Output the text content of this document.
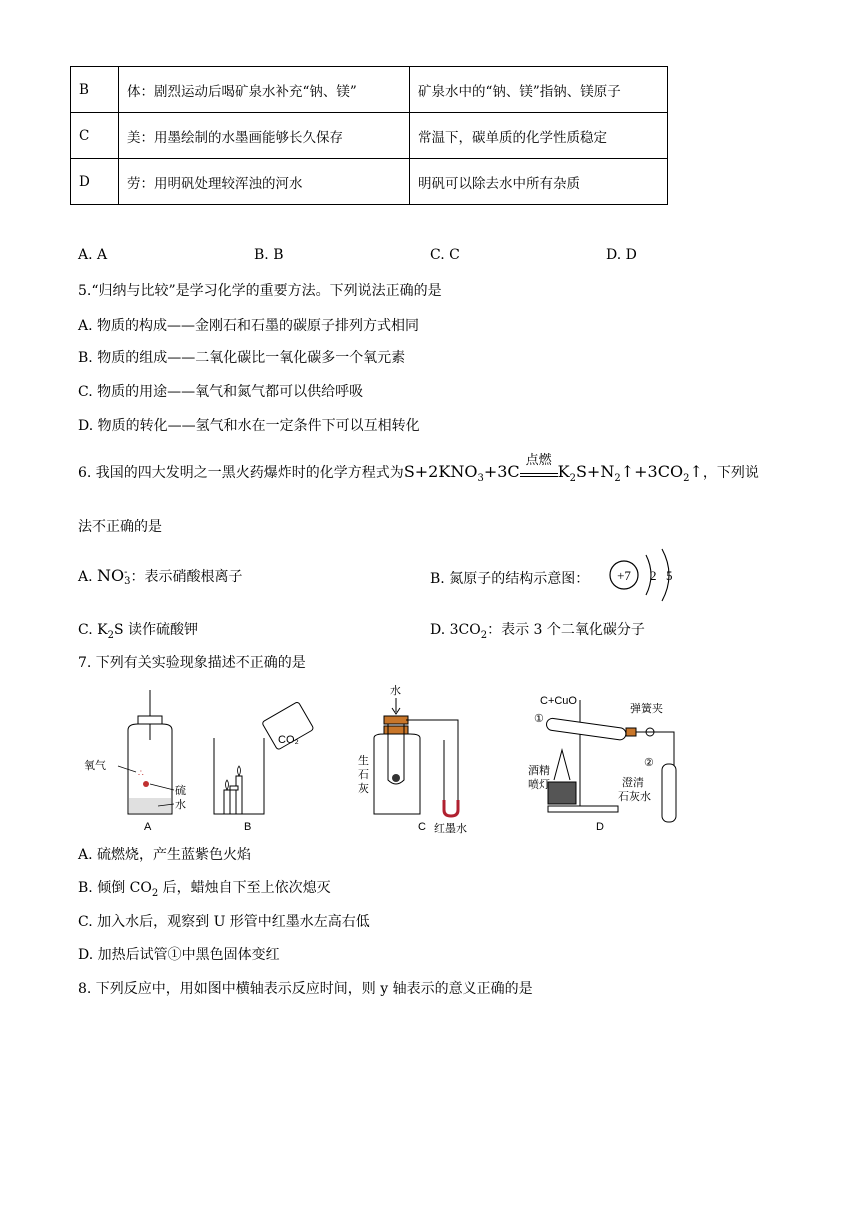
B	体：剧烈运动后喝矿泉水补充“钠、镁”	矿泉水中的“钠、镁”指钠、镁原子
C	美：用墨绘制的水墨画能够长久保存	常温下，碳单质的化学性质稳定
D	劳：用明矾处理较浑浊的河水	明矾可以除去水中所有杂质
A. A	B. B	C. C	D. D
5.“归纳与比较”是学习化学的重要方法。下列说法正确的是
A. 物质的构成——金刚石和石墨的碳原子排列方式相同
B. 物质的组成——二氧化碳比一氧化碳多一个氧元素
C. 物质的用途——氧气和氮气都可以供给呼吸
D. 物质的转化——氢气和水在一定条件下可以互相转化
6. 我国的四大发明之一黑火药爆炸时的化学方程式为$S+2KNO_3+3C$
点燃
$K_2S+N_2↑+3CO_2↑$，下列说
法不正确的是
A. NO -
3 ：表示硝酸根离子	B. 氮原子的结构示意图： +7 2 5
C. $K_2S$ 读作硫酸钾	D. $3CO_2$：表示 3 个二氧化碳分子
7. 下列有关实验现象描述不正确的是
∴
氧气
硫
水
A
CO₂
B
水
生
石
灰
红墨水
C
C+CuO
①
弹簧夹
②
酒精
喷灯	澄清
石灰水
D
A. 硫燃烧，产生蓝紫色火焰
B. 倾倒 $CO_2$ 后，蜡烛自下至上依次熄灭
C. 加入水后，观察到 U 形管中红墨水左高右低
D. 加热后试管①中黑色固体变红
8. 下列反应中，用如图中横轴表示反应时间，则 y 轴表示的意义正确的是
